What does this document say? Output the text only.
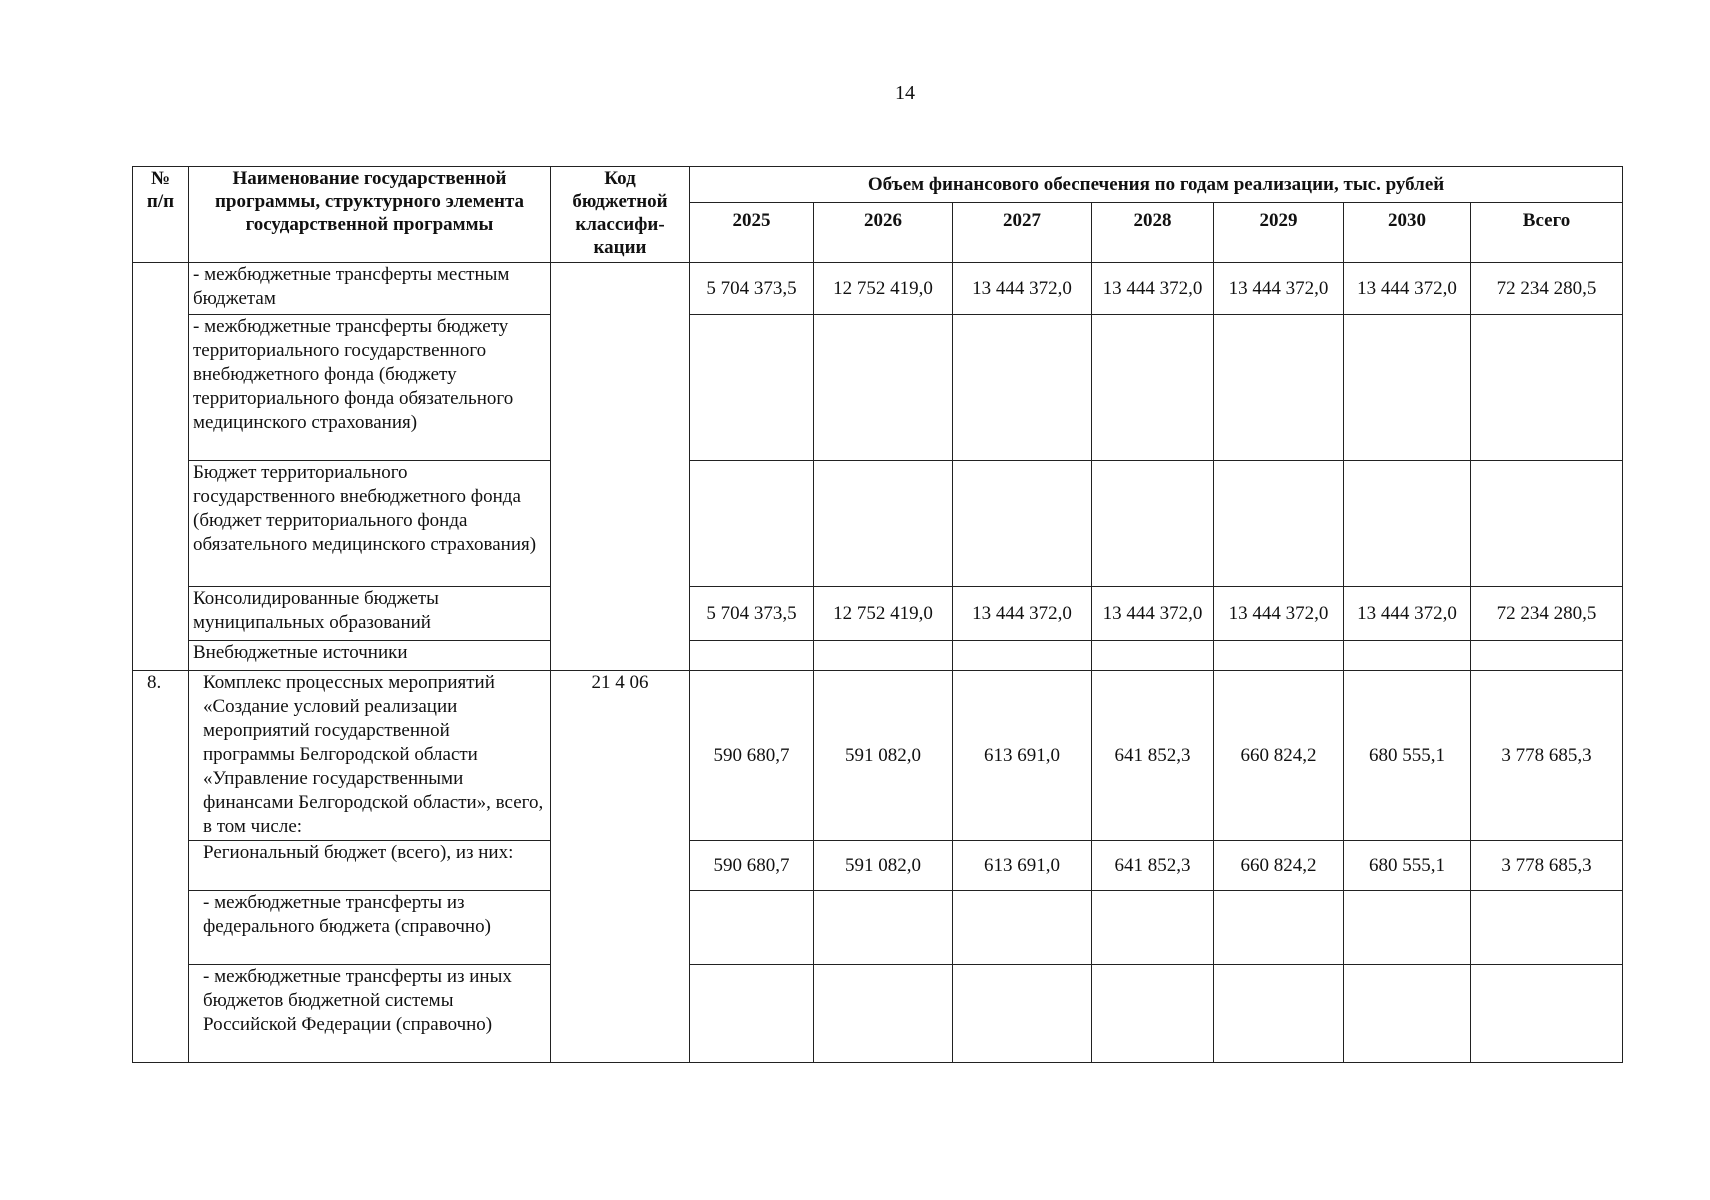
14
№
п/п	Наименование государственной программы, структурного элемента государственной программы	Код бюджетной классифи-кации	Объем финансового обеспечения по годам реализации, тыс. рублей						
			2025	2026	2027	2028	2029	2030	Всего
	- межбюджетные трансферты местным бюджетам		5 704 373,5	12 752 419,0	13 444 372,0	13 444 372,0	13 444 372,0	13 444 372,0	72 234 280,5
	- межбюджетные трансферты бюджету территориального государственного внебюджетного фонда (бюджету территориального фонда обязательного медицинского страхования)								
	Бюджет территориального государственного внебюджетного фонда (бюджет территориального фонда обязательного медицинского страхования)								
	Консолидированные бюджеты муниципальных образований		5 704 373,5	12 752 419,0	13 444 372,0	13 444 372,0	13 444 372,0	13 444 372,0	72 234 280,5
	Внебюджетные источники								
8.	Комплекс процессных мероприятий «Создание условий реализации мероприятий государственной программы Белгородской области «Управление государственными финансами Белгородской области», всего, в том числе:	21 4 06	590 680,7	591 082,0	613 691,0	641 852,3	660 824,2	680 555,1	3 778 685,3
	Региональный бюджет (всего), из них:		590 680,7	591 082,0	613 691,0	641 852,3	660 824,2	680 555,1	3 778 685,3
	- межбюджетные трансферты из федерального бюджета (справочно)								
	- межбюджетные трансферты из иных бюджетов бюджетной системы Российской Федерации (справочно)								
